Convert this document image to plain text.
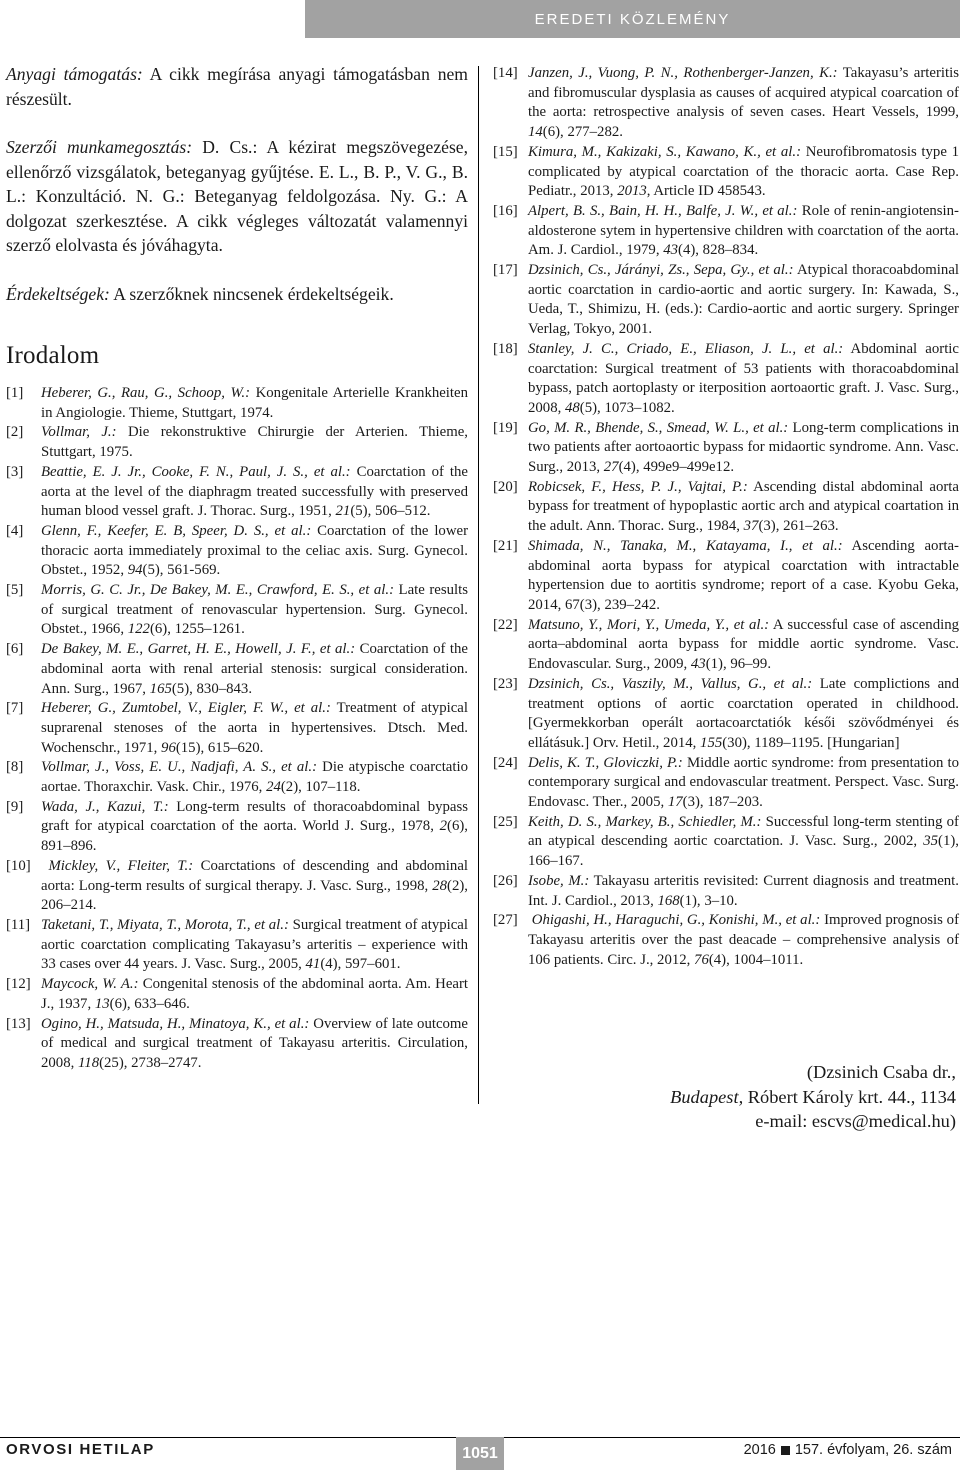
EREDETI KÖZLEMÉNY

Anyagi támogatás: A cikk megírása anyagi támogatásban nem részesült.

Szerzői munkamegosztás: D. Cs.: A kézirat megszövegezése, ellenőrző vizsgálatok, beteganyag gyűjtése. E. L., B. P., V. G., B. L.: Konzultáció. N. G.: Beteganyag feldolgozása. Ny. G.: A dolgozat szerkesztése. A cikk végleges változatát valamennyi szerző elolvasta és jóváhagyta.

Érdekeltségek: A szerzőknek nincsenek érdekeltségeik.

Irodalom
[1] Heberer, G., Rau, G., Schoop, W.: Kongenitale Arterielle Krankheiten in Angiologie. Thieme, Stuttgart, 1974.
[2] Vollmar, J.: Die rekonstruktive Chirurgie der Arterien. Thieme, Stuttgart, 1975.
[3] Beattie, E. J. Jr., Cooke, F. N., Paul, J. S., et al.: Coarctation of the aorta at the level of the diaphragm treated successfully with preserved human blood vessel graft. J. Thorac. Surg., 1951, 21(5), 506–512.
[4] Glenn, F., Keefer, E. B, Speer, D. S., et al.: Coarctation of the lower thoracic aorta immediately proximal to the celiac axis. Surg. Gynecol. Obstet., 1952, 94(5), 561-569.
[5] Morris, G. C. Jr., De Bakey, M. E., Crawford, E. S., et al.: Late results of surgical treatment of renovascular hypertension. Surg. Gynecol. Obstet., 1966, 122(6), 1255–1261.
[6] De Bakey, M. E., Garret, H. E., Howell, J. F., et al.: Coarctation of the abdominal aorta with renal arterial stenosis: surgical consideration. Ann. Surg., 1967, 165(5), 830–843.
[7] Heberer, G., Zumtobel, V., Eigler, F. W., et al.: Treatment of atypical suprarenal stenoses of the aorta in hypertensives. Dtsch. Med. Wochenschr., 1971, 96(15), 615–620.
[8] Vollmar, J., Voss, E. U., Nadjafi, A. S., et al.: Die atypische coarctatio aortae. Thoraxchir. Vask. Chir., 1976, 24(2), 107–118.
[9] Wada, J., Kazui, T.: Long-term results of thoracoabdominal bypass graft for atypical coarctation of the aorta. World J. Surg., 1978, 2(6), 891–896.
[10] Mickley, V., Fleiter, T.: Coarctations of descending and abdominal aorta: Long-term results of surgical therapy. J. Vasc. Surg., 1998, 28(2), 206–214.
[11] Taketani, T., Miyata, T., Morota, T., et al.: Surgical treatment of atypical aortic coarctation complicating Takayasu’s arteritis – experience with 33 cases over 44 years. J. Vasc. Surg., 2005, 41(4), 597–601.
[12] Maycock, W. A.: Congenital stenosis of the abdominal aorta. Am. Heart J., 1937, 13(6), 633–646.
[13] Ogino, H., Matsuda, H., Minatoya, K., et al.: Overview of late outcome of medical and surgical treatment of Takayasu arteritis. Circulation, 2008, 118(25), 2738–2747.
[14] Janzen, J., Vuong, P. N., Rothenberger-Janzen, K.: Takayasu’s arteritis and fibromuscular dysplasia as causes of acquired atypical coarcation of the aorta: retrospective analysis of seven cases. Heart Vessels, 1999, 14(6), 277–282.
[15] Kimura, M., Kakizaki, S., Kawano, K., et al.: Neurofibromatosis type 1 complicated by atypical coarctation of the thoracic aorta. Case Rep. Pediatr., 2013, 2013, Article ID 458543.
[16] Alpert, B. S., Bain, H. H., Balfe, J. W., et al.: Role of renin-angiotensin-aldosterone sytem in hypertensive children with coarctation of the aorta. Am. J. Cardiol., 1979, 43(4), 828–834.
[17] Dzsinich, Cs., Járányi, Zs., Sepa, Gy., et al.: Atypical thoracoabdominal aortic coarctation in cardio-aortic and aortic surgery. In: Kawada, S., Ueda, T., Shimizu, H. (eds.): Cardio-aortic and aortic surgery. Springer Verlag, Tokyo, 2001.
[18] Stanley, J. C., Criado, E., Eliason, J. L., et al.: Abdominal aortic coarctation: Surgical treatment of 53 patients with thoracoabdominal bypass, patch aortoplasty or iterposition aortoaortic graft. J. Vasc. Surg., 2008, 48(5), 1073–1082.
[19] Go, M. R., Bhende, S., Smead, W. L., et al.: Long-term complications in two patients after aortoaortic bypass for midaortic syndrome. Ann. Vasc. Surg., 2013, 27(4), 499e9–499e12.
[20] Robicsek, F., Hess, P. J., Vajtai, P.: Ascending distal abdominal aorta bypass for treatment of hypoplastic aortic arch and atypical coartation in the adult. Ann. Thorac. Surg., 1984, 37(3), 261–263.
[21] Shimada, N., Tanaka, M., Katayama, I., et al.: Ascending aorta-abdominal aorta bypass for atypical coarctation with intractable hypertension due to aortitis syndrome; report of a case. Kyobu Geka, 2014, 67(3), 239–242.
[22] Matsuno, Y., Mori, Y., Umeda, Y., et al.: A successful case of ascending aorta–abdominal aorta bypass for middle aortic syndrome. Vasc. Endovascular. Surg., 2009, 43(1), 96–99.
[23] Dzsinich, Cs., Vaszily, M., Vallus, G., et al.: Late complictions and treatment options of aortic coarctation operated in childhood. [Gyermekkorban operált aortacoarctatiók késői szövődményei és ellátásuk.] Orv. Hetil., 2014, 155(30), 1189–1195. [Hungarian]
[24] Delis, K. T., Gloviczki, P.: Middle aortic syndrome: from presentation to contemporary surgical and endovascular treatment. Perspect. Vasc. Surg. Endovasc. Ther., 2005, 17(3), 187–203.
[25] Keith, D. S., Markey, B., Schiedler, M.: Successful long-term stenting of an atypical descending aortic coarctation. J. Vasc. Surg., 2002, 35(1), 166–167.
[26] Isobe, M.: Takayasu arteritis revisited: Current diagnosis and treatment. Int. J. Cardiol., 2013, 168(1), 3–10.
[27] Ohigashi, H., Haraguchi, G., Konishi, M., et al.: Improved prognosis of Takayasu arteritis over the past deacade – comprehensive analysis of 106 patients. Circ. J., 2012, 76(4), 1004–1011.
(Dzsinich Csaba dr.,
Budapest, Róbert Károly krt. 44., 1134
e-mail: escvs@medical.hu)
ORVOSI HETILAP	1051	2016 157. évfolyam, 26. szám
